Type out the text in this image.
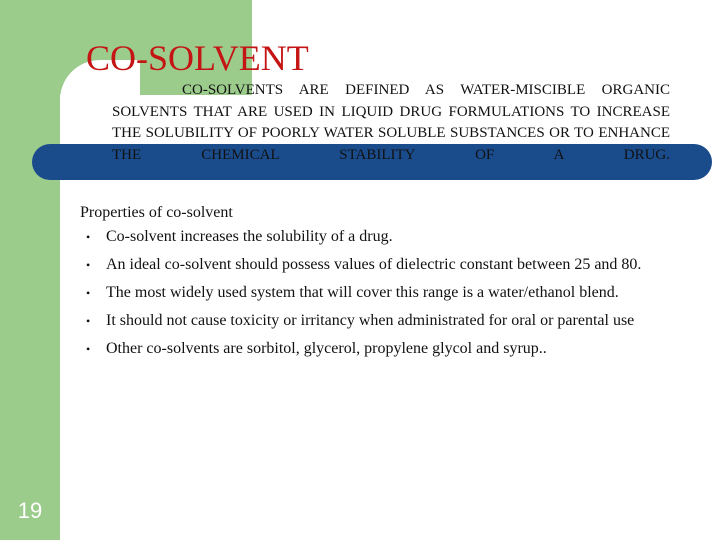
CO-SOLVENT

CO-SOLVENTS ARE DEFINED AS WATER-MISCIBLE ORGANIC SOLVENTS THAT ARE USED IN LIQUID DRUG FORMULATIONS TO INCREASE THE SOLUBILITY OF POORLY WATER SOLUBLE SUBSTANCES OR TO ENHANCE THE CHEMICAL STABILITY OF A DRUG.

Properties of co-solvent

• Co-solvent increases the solubility of a drug.
• An ideal co-solvent should possess values of dielectric constant between 25 and 80.
• The most widely used system that will cover this range is a water/ethanol blend.
• It should not cause toxicity or irritancy when administrated for oral or parental use
• Other co-solvents are sorbitol, glycerol, propylene glycol and syrup..
19
